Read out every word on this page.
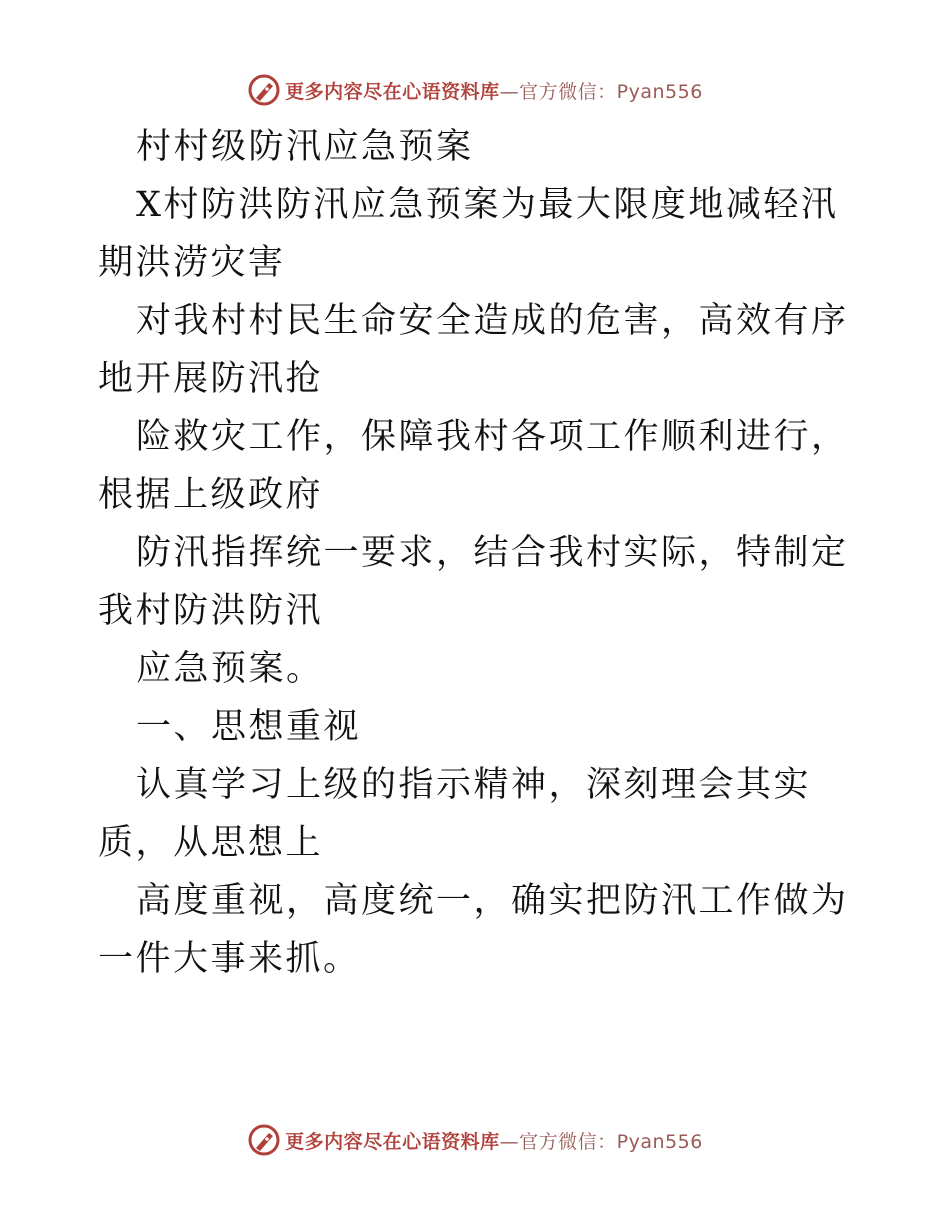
更多内容尽在心语资料库—官方微信：Pyan556

村村级防汛应急预案

X村防洪防汛应急预案为最大限度地减轻汛期洪涝灾害

对我村村民生命安全造成的危害，高效有序地开展防汛抢

险救灾工作，保障我村各项工作顺利进行，根据上级政府

防汛指挥统一要求，结合我村实际，特制定我村防洪防汛

应急预案。

一、思想重视

认真学习上级的指示精神，深刻理会其实质，从思想上

高度重视，高度统一，确实把防汛工作做为一件大事来抓。

更多内容尽在心语资料库—官方微信：Pyan556
